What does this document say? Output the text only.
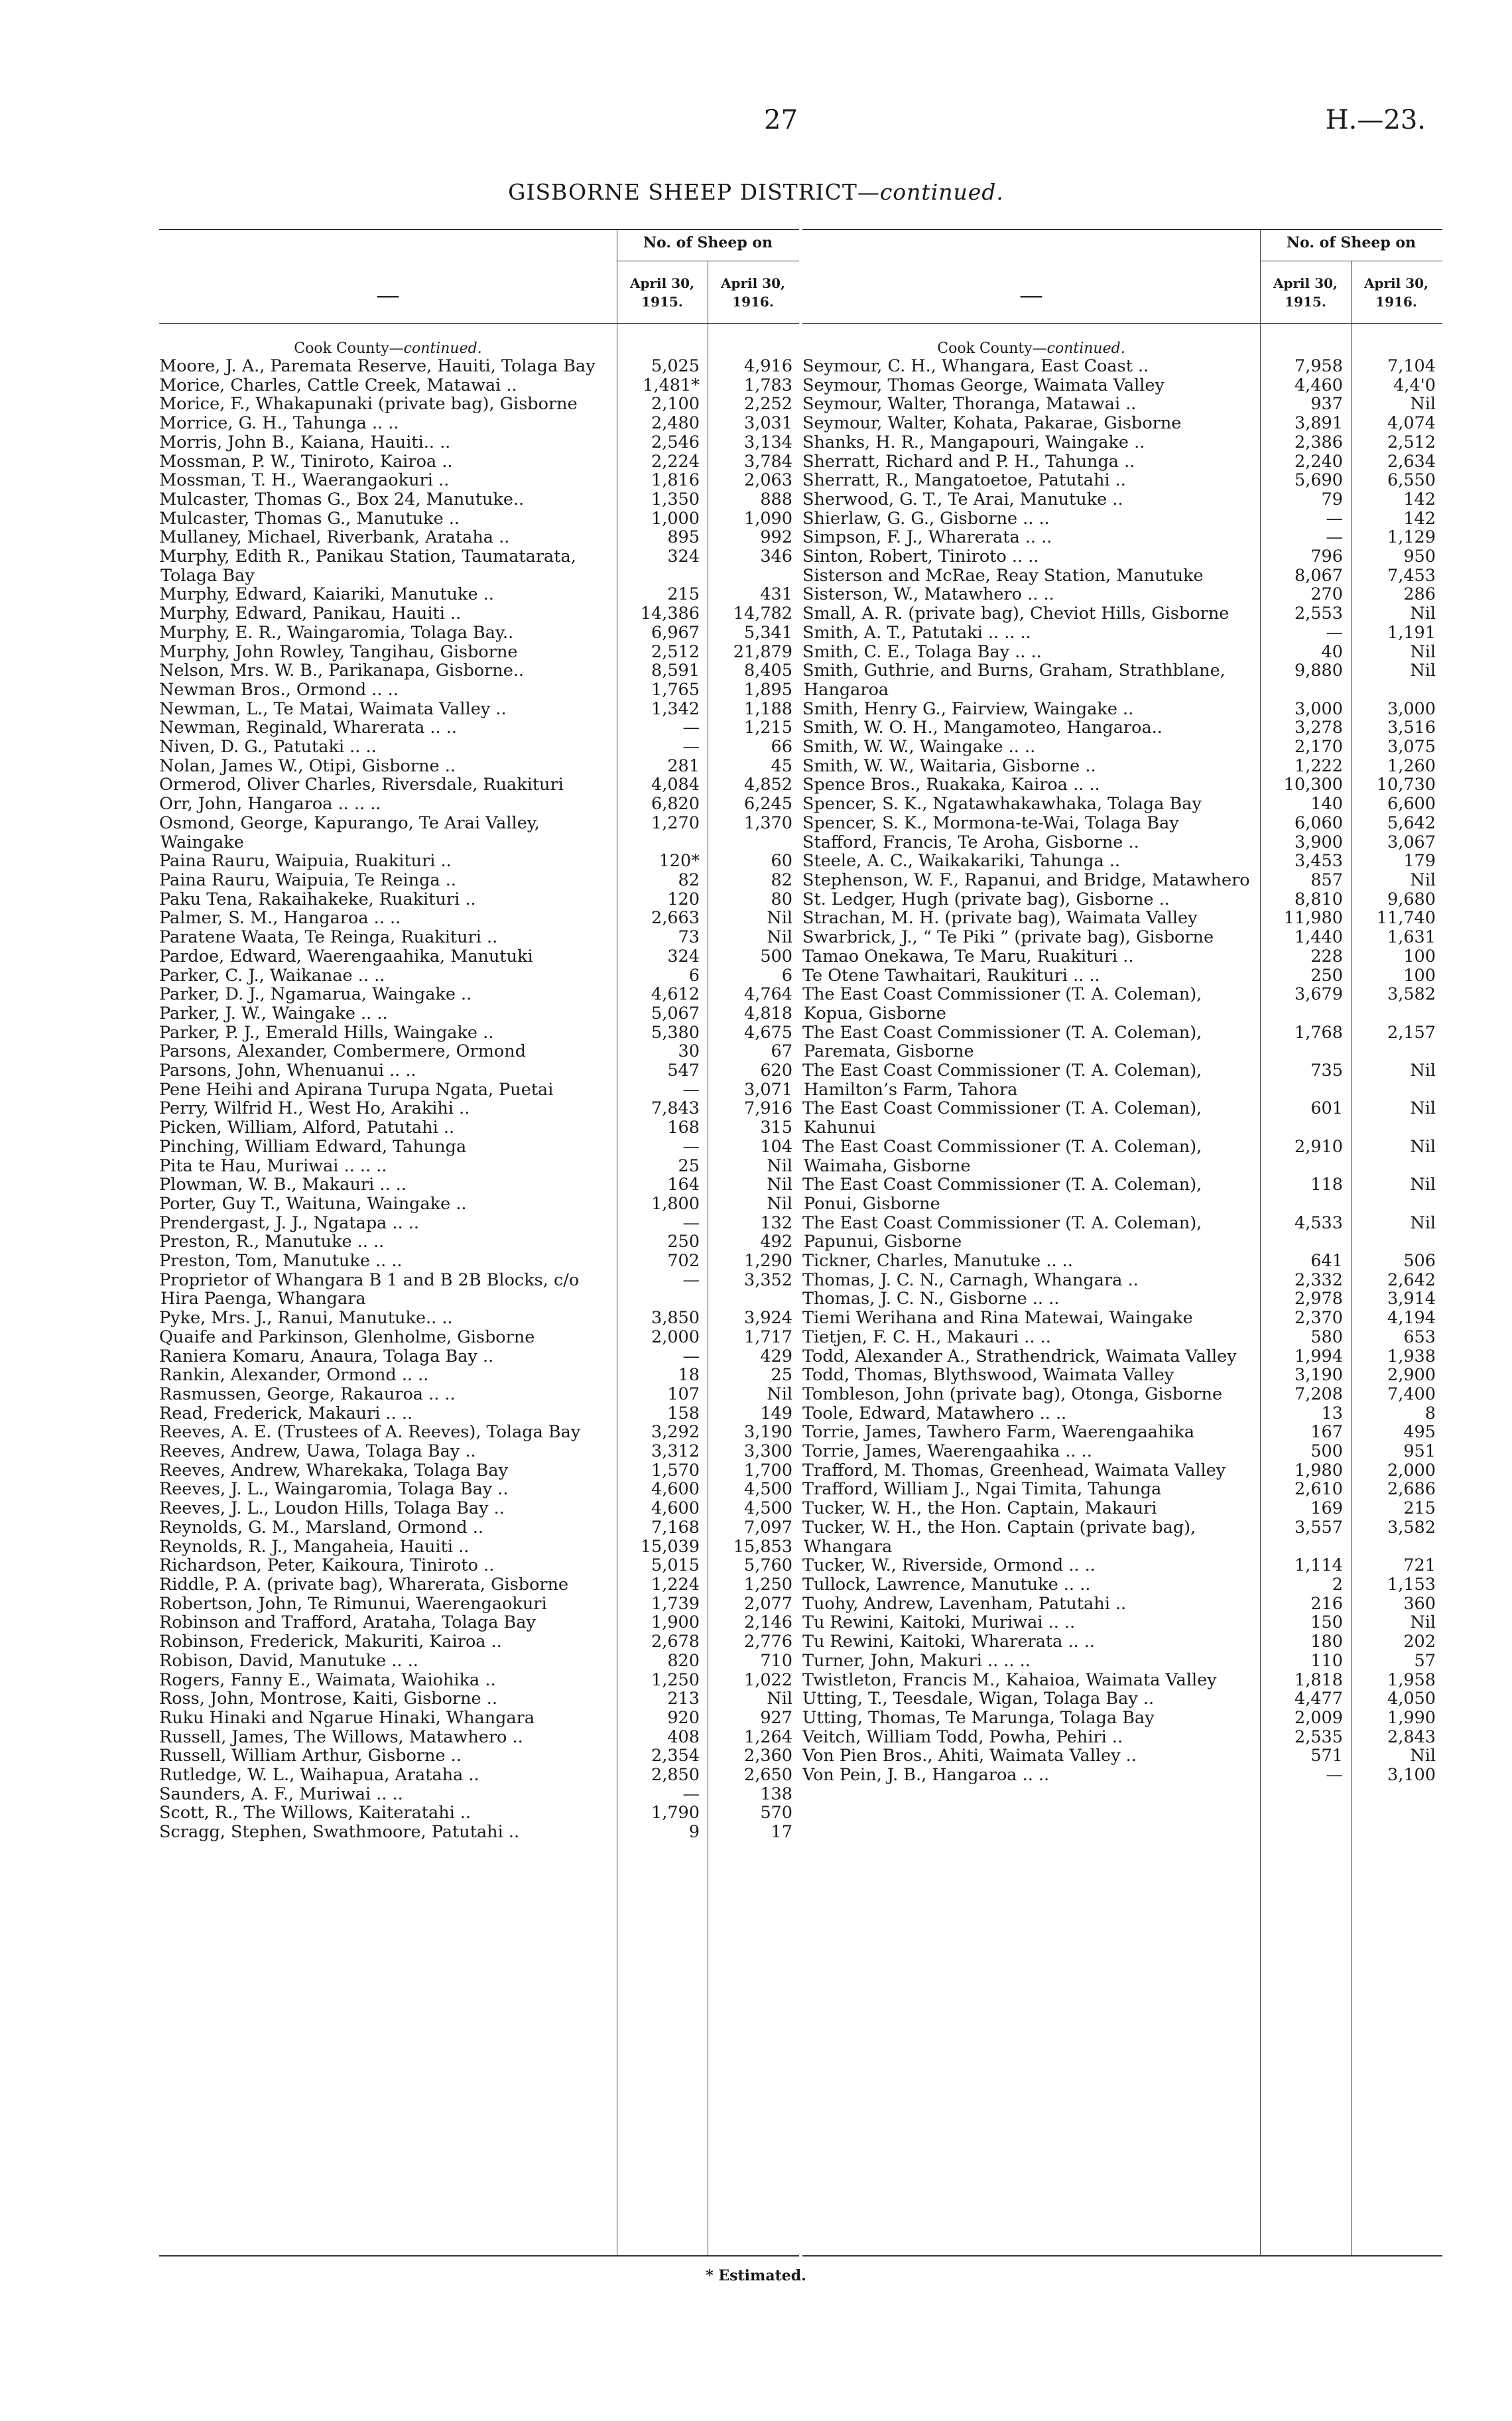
27	H.—23.
GISBORNE SHEEP DISTRICT—continued.
—
No. of Sheep on
April 30, 1915.
April 30, 1916.
Cook County—continued.
Moore, J. A., Paremata Reserve, Hauiti, Tolaga Bay	5,025	4,916
Morice, Charles, Cattle Creek, Matawai ..	1,481*	1,783
Morice, F., Whakapunaki (private bag), Gisborne	2,100	2,252
Morrice, G. H., Tahunga .. ..	2,480	3,031
Morris, John B., Kaiana, Hauiti.. ..	2,546	3,134
Mossman, P. W., Tiniroto, Kairoa ..	2,224	3,784
Mossman, T. H., Waerangaokuri ..	1,816	2,063
Mulcaster, Thomas G., Box 24, Manutuke..	1,350	888
Mulcaster, Thomas G., Manutuke ..	1,000	1,090
Mullaney, Michael, Riverbank, Arataha ..	895	992
Murphy, Edith R., Panikau Station, Taumatarata, Tolaga Bay
324	346
Murphy, Edward, Kaiariki, Manutuke ..	215	431
Murphy, Edward, Panikau, Hauiti ..	14,386	14,782
Murphy, E. R., Waingaromia, Tolaga Bay..	6,967	5,341
Murphy, John Rowley, Tangihau, Gisborne	2,512	21,879
Nelson, Mrs. W. B., Parikanapa, Gisborne..	8,591	8,405
Newman Bros., Ormond .. ..	1,765	1,895
Newman, L., Te Matai, Waimata Valley ..	1,342	1,188
Newman, Reginald, Wharerata .. ..	—	1,215
Niven, D. G., Patutaki .. ..	—	66
Nolan, James W., Otipi, Gisborne ..	281	45
Ormerod, Oliver Charles, Riversdale, Ruakituri	4,084	4,852
Orr, John, Hangaroa .. .. ..	6,820	6,245
Osmond, George, Kapurango, Te Arai Valley, Waingake
1,270	1,370
Paina Rauru, Waipuia, Ruakituri ..	120*	60
Paina Rauru, Waipuia, Te Reinga ..	82	82
Paku Tena, Rakaihakeke, Ruakituri ..	120	80
Palmer, S. M., Hangaroa .. ..	2,663	Nil
Paratene Waata, Te Reinga, Ruakituri ..	73	Nil
Pardoe, Edward, Waerengaahika, Manutuki	324	500
Parker, C. J., Waikanae .. ..	6	6
Parker, D. J., Ngamarua, Waingake ..	4,612	4,764
Parker, J. W., Waingake .. ..	5,067	4,818
Parker, P. J., Emerald Hills, Waingake ..	5,380	4,675
Parsons, Alexander, Combermere, Ormond	30	67
Parsons, John, Whenuanui .. ..	547	620
Pene Heihi and Apirana Turupa Ngata, Puetai	—	3,071
Perry, Wilfrid H., West Ho, Arakihi ..	7,843	7,916
Picken, William, Alford, Patutahi ..	168	315
Pinching, William Edward, Tahunga	—	104
Pita te Hau, Muriwai .. .. ..	25	Nil
Plowman, W. B., Makauri .. ..	164	Nil
Porter, Guy T., Waituna, Waingake ..	1,800	Nil
Prendergast, J. J., Ngatapa .. ..	—	132
Preston, R., Manutuke .. ..	250	492
Preston, Tom, Manutuke .. ..	702	1,290
Proprietor of Whangara B 1 and B 2B Blocks, c/o Hira Paenga, Whangara
—	3,352
Pyke, Mrs. J., Ranui, Manutuke.. ..	3,850	3,924
Quaife and Parkinson, Glenholme, Gisborne	2,000	1,717
Raniera Komaru, Anaura, Tolaga Bay ..	—	429
Rankin, Alexander, Ormond .. ..	18	25
Rasmussen, George, Rakauroa .. ..	107	Nil
Read, Frederick, Makauri .. ..	158	149
Reeves, A. E. (Trustees of A. Reeves), Tolaga Bay	3,292	3,190
Reeves, Andrew, Uawa, Tolaga Bay ..	3,312	3,300
Reeves, Andrew, Wharekaka, Tolaga Bay	1,570	1,700
Reeves, J. L., Waingaromia, Tolaga Bay ..	4,600	4,500
Reeves, J. L., Loudon Hills, Tolaga Bay ..	4,600	4,500
Reynolds, G. M., Marsland, Ormond ..	7,168	7,097
Reynolds, R. J., Mangaheia, Hauiti ..	15,039	15,853
Richardson, Peter, Kaikoura, Tiniroto ..	5,015	5,760
Riddle, P. A. (private bag), Wharerata, Gisborne	1,224	1,250
Robertson, John, Te Rimunui, Waerengaokuri	1,739	2,077
Robinson and Trafford, Arataha, Tolaga Bay	1,900	2,146
Robinson, Frederick, Makuriti, Kairoa ..	2,678	2,776
Robison, David, Manutuke .. ..	820	710
Rogers, Fanny E., Waimata, Waiohika ..	1,250	1,022
Ross, John, Montrose, Kaiti, Gisborne ..	213	Nil
Ruku Hinaki and Ngarue Hinaki, Whangara	920	927
Russell, James, The Willows, Matawhero ..	408	1,264
Russell, William Arthur, Gisborne ..	2,354	2,360
Rutledge, W. L., Waihapua, Arataha ..	2,850	2,650
Saunders, A. F., Muriwai .. ..	—	138
Scott, R., The Willows, Kaiteratahi ..	1,790	570
Scragg, Stephen, Swathmoore, Patutahi ..	9	17
—
No. of Sheep on
April 30, 1915.
April 30, 1916.
Cook County—continued.
Seymour, C. H., Whangara, East Coast ..	7,958	7,104
Seymour, Thomas George, Waimata Valley	4,460	4,4'0
Seymour, Walter, Thoranga, Matawai ..	937	Nil
Seymour, Walter, Kohata, Pakarae, Gisborne	3,891	4,074
Shanks, H. R., Mangapouri, Waingake ..	2,386	2,512
Sherratt, Richard and P. H., Tahunga ..	2,240	2,634
Sherratt, R., Mangatoetoe, Patutahi ..	5,690	6,550
Sherwood, G. T., Te Arai, Manutuke ..	79	142
Shierlaw, G. G., Gisborne .. ..	—	142
Simpson, F. J., Wharerata .. ..	—	1,129
Sinton, Robert, Tiniroto .. ..	796	950
Sisterson and McRae, Reay Station, Manutuke	8,067	7,453
Sisterson, W., Matawhero .. ..	270	286
Small, A. R. (private bag), Cheviot Hills, Gisborne	2,553	Nil
Smith, A. T., Patutaki .. .. ..	—	1,191
Smith, C. E., Tolaga Bay .. ..	40	Nil
Smith, Guthrie, and Burns, Graham, Strathblane, Hangaroa
9,880	Nil
Smith, Henry G., Fairview, Waingake ..	3,000	3,000
Smith, W. O. H., Mangamoteo, Hangaroa..	3,278	3,516
Smith, W. W., Waingake .. ..	2,170	3,075
Smith, W. W., Waitaria, Gisborne ..	1,222	1,260
Spence Bros., Ruakaka, Kairoa .. ..	10,300	10,730
Spencer, S. K., Ngatawhakawhaka, Tolaga Bay	140	6,600
Spencer, S. K., Mormona-te-Wai, Tolaga Bay	6,060	5,642
Stafford, Francis, Te Aroha, Gisborne ..	3,900	3,067
Steele, A. C., Waikakariki, Tahunga ..	3,453	179
Stephenson, W. F., Rapanui, and Bridge, Matawhero	857	Nil
St. Ledger, Hugh (private bag), Gisborne ..	8,810	9,680
Strachan, M. H. (private bag), Waimata Valley	11,980	11,740
Swarbrick, J., “ Te Piki ” (private bag), Gisborne	1,440	1,631
Tamao Onekawa, Te Maru, Ruakituri ..	228	100
Te Otene Tawhaitari, Raukituri .. ..	250	100
The East Coast Commissioner (T. A. Coleman), Kopua, Gisborne
3,679	3,582
The East Coast Commissioner (T. A. Coleman), Paremata, Gisborne
1,768	2,157
The East Coast Commissioner (T. A. Coleman), Hamilton’s Farm, Tahora
735	Nil
The East Coast Commissioner (T. A. Coleman), Kahunui
601	Nil
The East Coast Commissioner (T. A. Coleman), Waimaha, Gisborne
2,910	Nil
The East Coast Commissioner (T. A. Coleman), Ponui, Gisborne
118	Nil
The East Coast Commissioner (T. A. Coleman), Papunui, Gisborne
4,533	Nil
Tickner, Charles, Manutuke .. ..	641	506
Thomas, J. C. N., Carnagh, Whangara ..	2,332	2,642
Thomas, J. C. N., Gisborne .. ..	2,978	3,914
Tiemi Werihana and Rina Matewai, Waingake	2,370	4,194
Tietjen, F. C. H., Makauri .. ..	580	653
Todd, Alexander A., Strathendrick, Waimata Valley	1,994	1,938
Todd, Thomas, Blythswood, Waimata Valley	3,190	2,900
Tombleson, John (private bag), Otonga, Gisborne	7,208	7,400
Toole, Edward, Matawhero .. ..	13	8
Torrie, James, Tawhero Farm, Waerengaahika	167	495
Torrie, James, Waerengaahika .. ..	500	951
Trafford, M. Thomas, Greenhead, Waimata Valley	1,980	2,000
Trafford, William J., Ngai Timita, Tahunga	2,610	2,686
Tucker, W. H., the Hon. Captain, Makauri	169	215
Tucker, W. H., the Hon. Captain (private bag), Whangara
3,557	3,582
Tucker, W., Riverside, Ormond .. ..	1,114	721
Tullock, Lawrence, Manutuke .. ..	2	1,153
Tuohy, Andrew, Lavenham, Patutahi ..	216	360
Tu Rewini, Kaitoki, Muriwai .. ..	150	Nil
Tu Rewini, Kaitoki, Wharerata .. ..	180	202
Turner, John, Makuri .. .. ..	110	57
Twistleton, Francis M., Kahaioa, Waimata Valley	1,818	1,958
Utting, T., Teesdale, Wigan, Tolaga Bay ..	4,477	4,050
Utting, Thomas, Te Marunga, Tolaga Bay	2,009	1,990
Veitch, William Todd, Powha, Pehiri ..	2,535	2,843
Von Pien Bros., Ahiti, Waimata Valley ..	571	Nil
Von Pein, J. B., Hangaroa .. ..	—	3,100
* Estimated.
